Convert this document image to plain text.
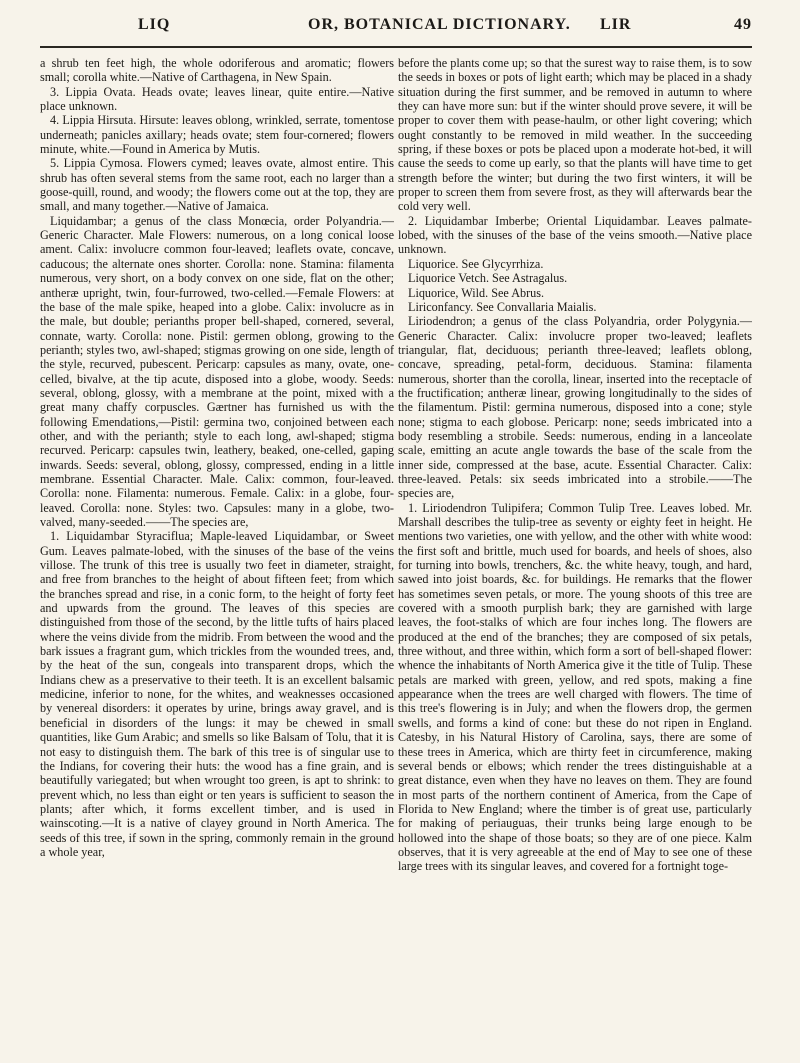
LIQ	OR, BOTANICAL DICTIONARY. LIR	49

a shrub ten feet high, the whole odoriferous and aromatic; flowers small; corolla white.—Native of Carthagena, in New Spain.

3. Lippia Ovata. Heads ovate; leaves linear, quite entire.—Native place unknown.

4. Lippia Hirsuta. Hirsute: leaves oblong, wrinkled, serrate, tomentose underneath; panicles axillary; heads ovate; stem four-cornered; flowers minute, white.—Found in America by Mutis.

5. Lippia Cymosa. Flowers cymed; leaves ovate, almost entire. This shrub has often several stems from the same root, each no larger than a goose-quill, round, and woody; the flowers come out at the top, they are small, and many together.—Native of Jamaica.

Liquidambar; a genus of the class Monœcia, order Polyandria.—Generic Character. Male Flowers: numerous, on a long conical loose ament. Calix: involucre common four-leaved; leaflets ovate, concave, caducous; the alternate ones shorter. Corolla: none. Stamina: filamenta numerous, very short, on a body convex on one side, flat on the other; antheræ upright, twin, four-furrowed, two-celled.—Female Flowers: at the base of the male spike, heaped into a globe. Calix: involucre as in the male, but double; perianths proper bell-shaped, cornered, several, connate, warty. Corolla: none. Pistil: germen oblong, growing to the perianth; styles two, awl-shaped; stigmas growing on one side, length of the style, recurved, pubescent. Pericarp: capsules as many, ovate, one-celled, bivalve, at the tip acute, disposed into a globe, woody. Seeds: several, oblong, glossy, with a membrane at the point, mixed with a great many chaffy corpuscles. Gærtner has furnished us with the following Emendations,—Pistil: germina two, conjoined between each other, and with the perianth; style to each long, awl-shaped; stigma recurved. Pericarp: capsules twin, leathery, beaked, one-celled, gaping inwards. Seeds: several, oblong, glossy, compressed, ending in a little membrane. Essential Character. Male. Calix: common, four-leaved. Corolla: none. Filamenta: numerous. Female. Calix: in a globe, four-leaved. Corolla: none. Styles: two. Capsules: many in a globe, two-valved, many-seeded.——The species are,

1. Liquidambar Styraciflua; Maple-leaved Liquidambar, or Sweet Gum. Leaves palmate-lobed, with the sinuses of the base of the veins villose. The trunk of this tree is usually two feet in diameter, straight, and free from branches to the height of about fifteen feet; from which the branches spread and rise, in a conic form, to the height of forty feet and upwards from the ground. The leaves of this species are distinguished from those of the second, by the little tufts of hairs placed where the veins divide from the midrib. From between the wood and the bark issues a fragrant gum, which trickles from the wounded trees, and, by the heat of the sun, congeals into transparent drops, which the Indians chew as a preservative to their teeth. It is an excellent balsamic medicine, inferior to none, for the whites, and weaknesses occasioned by venereal disorders: it operates by urine, brings away gravel, and is beneficial in disorders of the lungs: it may be chewed in small quantities, like Gum Arabic; and smells so like Balsam of Tolu, that it is not easy to distinguish them. The bark of this tree is of singular use to the Indians, for covering their huts: the wood has a fine grain, and is beautifully variegated; but when wrought too green, is apt to shrink: to prevent which, no less than eight or ten years is sufficient to season the plants; after which, it forms excellent timber, and is used in wainscoting.—It is a native of clayey ground in North America. The seeds of this tree, if sown in the spring, commonly remain in the ground a whole year,

before the plants come up; so that the surest way to raise them, is to sow the seeds in boxes or pots of light earth; which may be placed in a shady situation during the first summer, and be removed in autumn to where they can have more sun: but if the winter should prove severe, it will be proper to cover them with pease-haulm, or other light covering; which ought constantly to be removed in mild weather. In the succeeding spring, if these boxes or pots be placed upon a moderate hot-bed, it will cause the seeds to come up early, so that the plants will have time to get strength before the winter; but during the two first winters, it will be proper to screen them from severe frost, as they will afterwards bear the cold very well.

2. Liquidambar Imberbe; Oriental Liquidambar. Leaves palmate-lobed, with the sinuses of the base of the veins smooth.—Native place unknown.

Liquorice. See Glycyrrhiza.

Liquorice Vetch. See Astragalus.

Liquorice, Wild. See Abrus.

Liriconfancy. See Convallaria Maialis.

Liriodendron; a genus of the class Polyandria, order Polygynia.—Generic Character. Calix: involucre proper two-leaved; leaflets triangular, flat, deciduous; perianth three-leaved; leaflets oblong, concave, spreading, petal-form, deciduous. Stamina: filamenta numerous, shorter than the corolla, linear, inserted into the receptacle of the fructification; antheræ linear, growing longitudinally to the sides of the filamentum. Pistil: germina numerous, disposed into a cone; style none; stigma to each globose. Pericarp: none; seeds imbricated into a body resembling a strobile. Seeds: numerous, ending in a lanceolate scale, emitting an acute angle towards the base of the scale from the inner side, compressed at the base, acute. Essential Character. Calix: three-leaved. Petals: six seeds imbricated into a strobile.——The species are,

1. Liriodendron Tulipifera; Common Tulip Tree. Leaves lobed. Mr. Marshall describes the tulip-tree as seventy or eighty feet in height. He mentions two varieties, one with yellow, and the other with white wood: the first soft and brittle, much used for boards, and heels of shoes, also for turning into bowls, trenchers, &c. the white heavy, tough, and hard, sawed into joist boards, &c. for buildings. He remarks that the flower has sometimes seven petals, or more. The young shoots of this tree are covered with a smooth purplish bark; they are garnished with large leaves, the foot-stalks of which are four inches long. The flowers are produced at the end of the branches; they are composed of six petals, three without, and three within, which form a sort of bell-shaped flower: whence the inhabitants of North America give it the title of Tulip. These petals are marked with green, yellow, and red spots, making a fine appearance when the trees are well charged with flowers. The time of this tree's flowering is in July; and when the flowers drop, the germen swells, and forms a kind of cone: but these do not ripen in England. Catesby, in his Natural History of Carolina, says, there are some of these trees in America, which are thirty feet in circumference, making several bends or elbows; which render the trees distinguishable at a great distance, even when they have no leaves on them. They are found in most parts of the northern continent of America, from the Cape of Florida to New England; where the timber is of great use, particularly for making of periauguas, their trunks being large enough to be hollowed into the shape of those boats; so they are of one piece. Kalm observes, that it is very agreeable at the end of May to see one of these large trees with its singular leaves, and covered for a fortnight toge-
